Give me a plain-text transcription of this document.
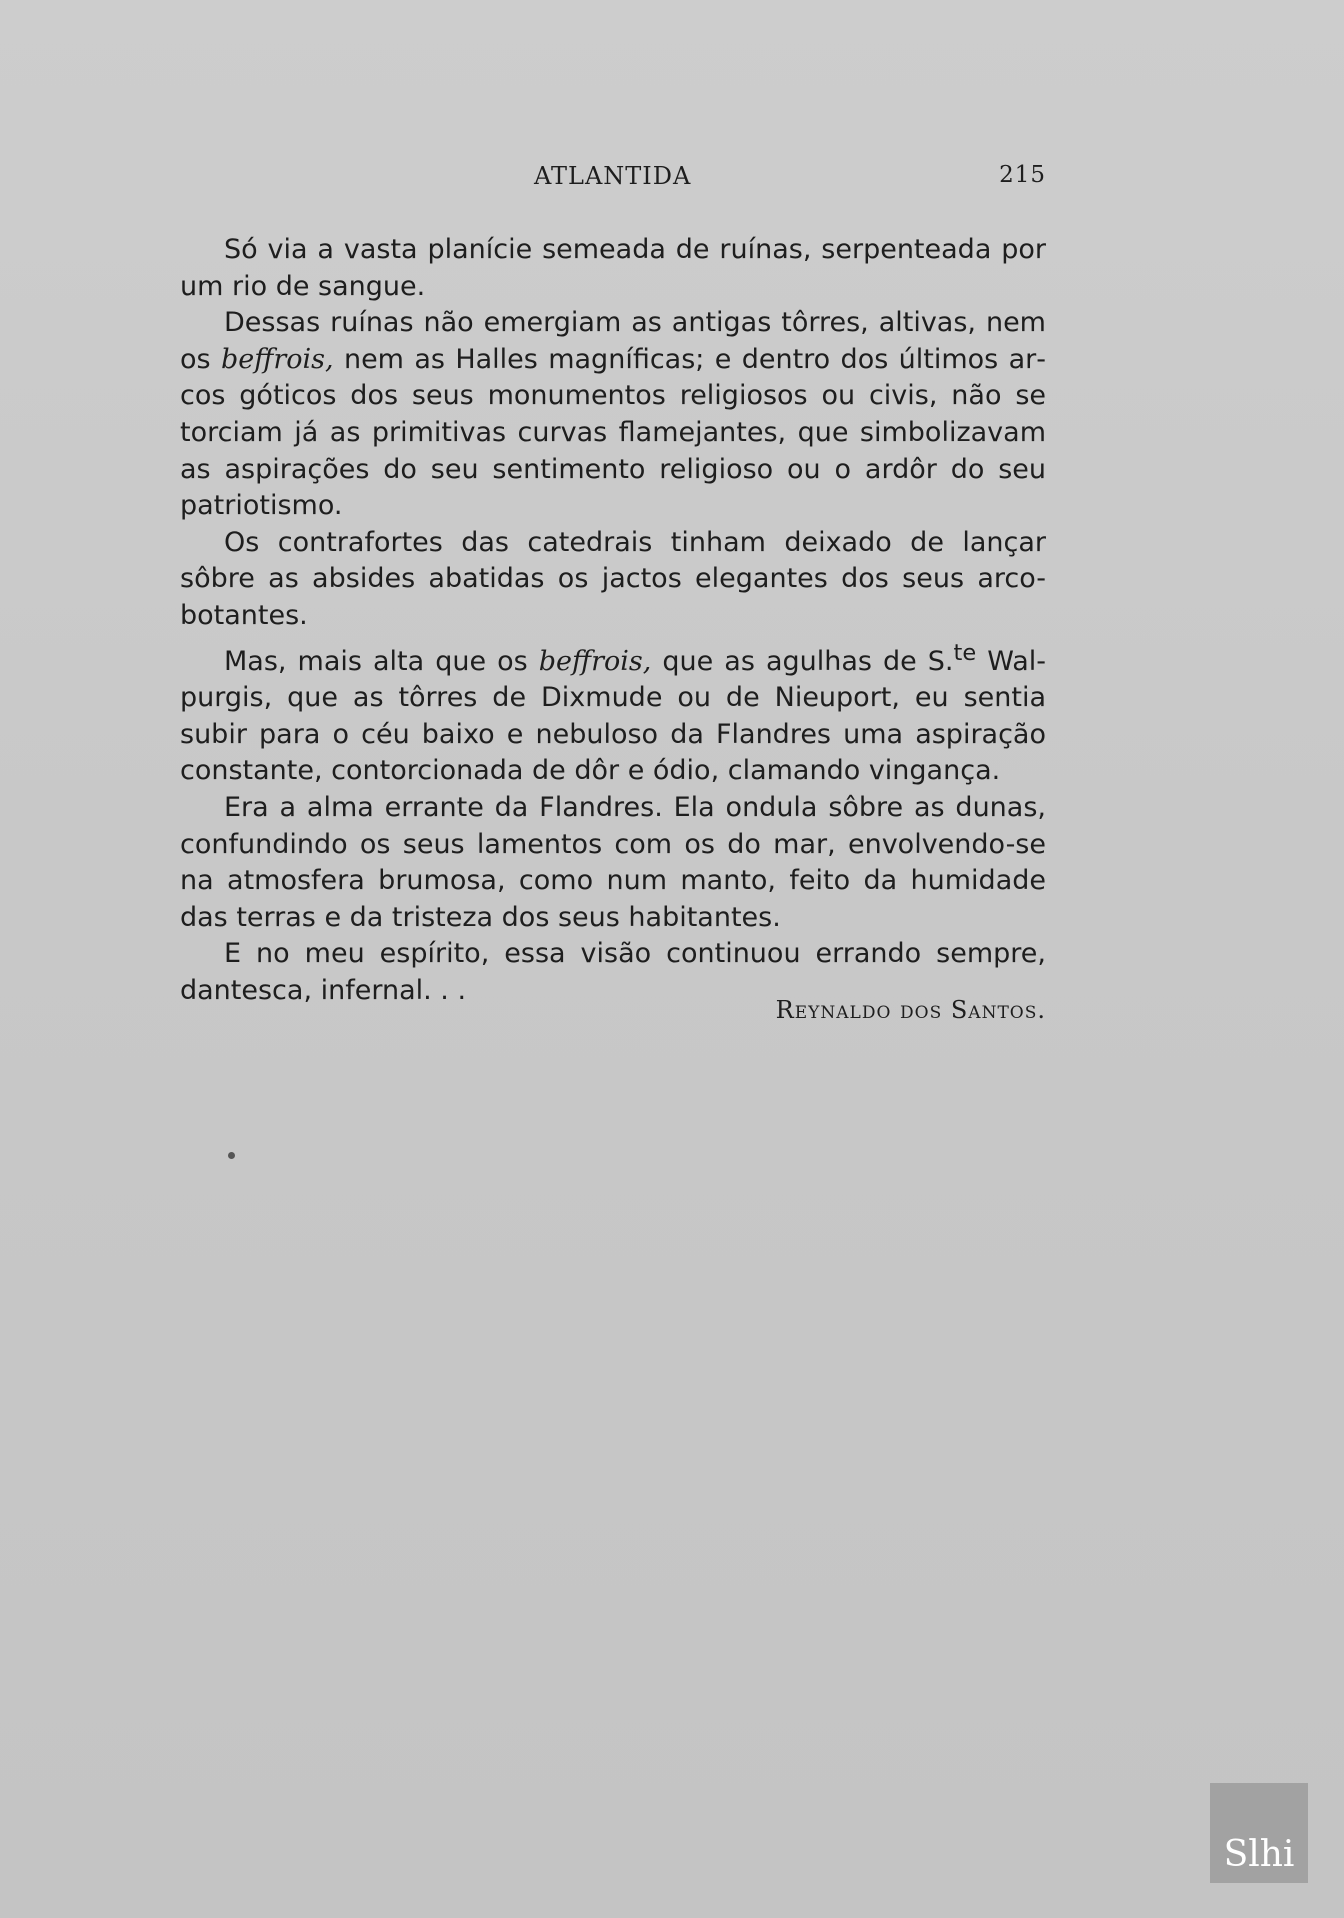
ATLANTIDA	215

Só via a vasta planície semeada de ruínas, serpenteada por um rio de sangue.

Dessas ruínas não emergiam as antigas tôrres, altivas, nem os beffrois, nem as Halles magníficas; e dentro dos últimos arcos góticos dos seus monumentos religiosos ou civis, não se torciam já as primitivas curvas flamejantes, que simbolizavam as aspirações do seu sentimento religioso ou o ardôr do seu patriotismo.

Os contrafortes das catedrais tinham deixado de lançar sôbre as absides abatidas os jactos elegantes dos seus arco-botantes.

Mas, mais alta que os beffrois, que as agulhas de S.$^{te}$ Walpurgis, que as tôrres de Dixmude ou de Nieuport, eu sentia subir para o céu baixo e nebuloso da Flandres uma aspiração constante, contorcionada de dôr e ódio, clamando vingança.

Era a alma errante da Flandres. Ela ondula sôbre as dunas, confundindo os seus lamentos com os do mar, envolvendo-se na atmosfera brumosa, como num manto, feito da humidade das terras e da tristeza dos seus habitantes.

E no meu espírito, essa visão continuou errando sempre, dantesca, infernal. . .

Reynaldo dos Santos.
Slhi
